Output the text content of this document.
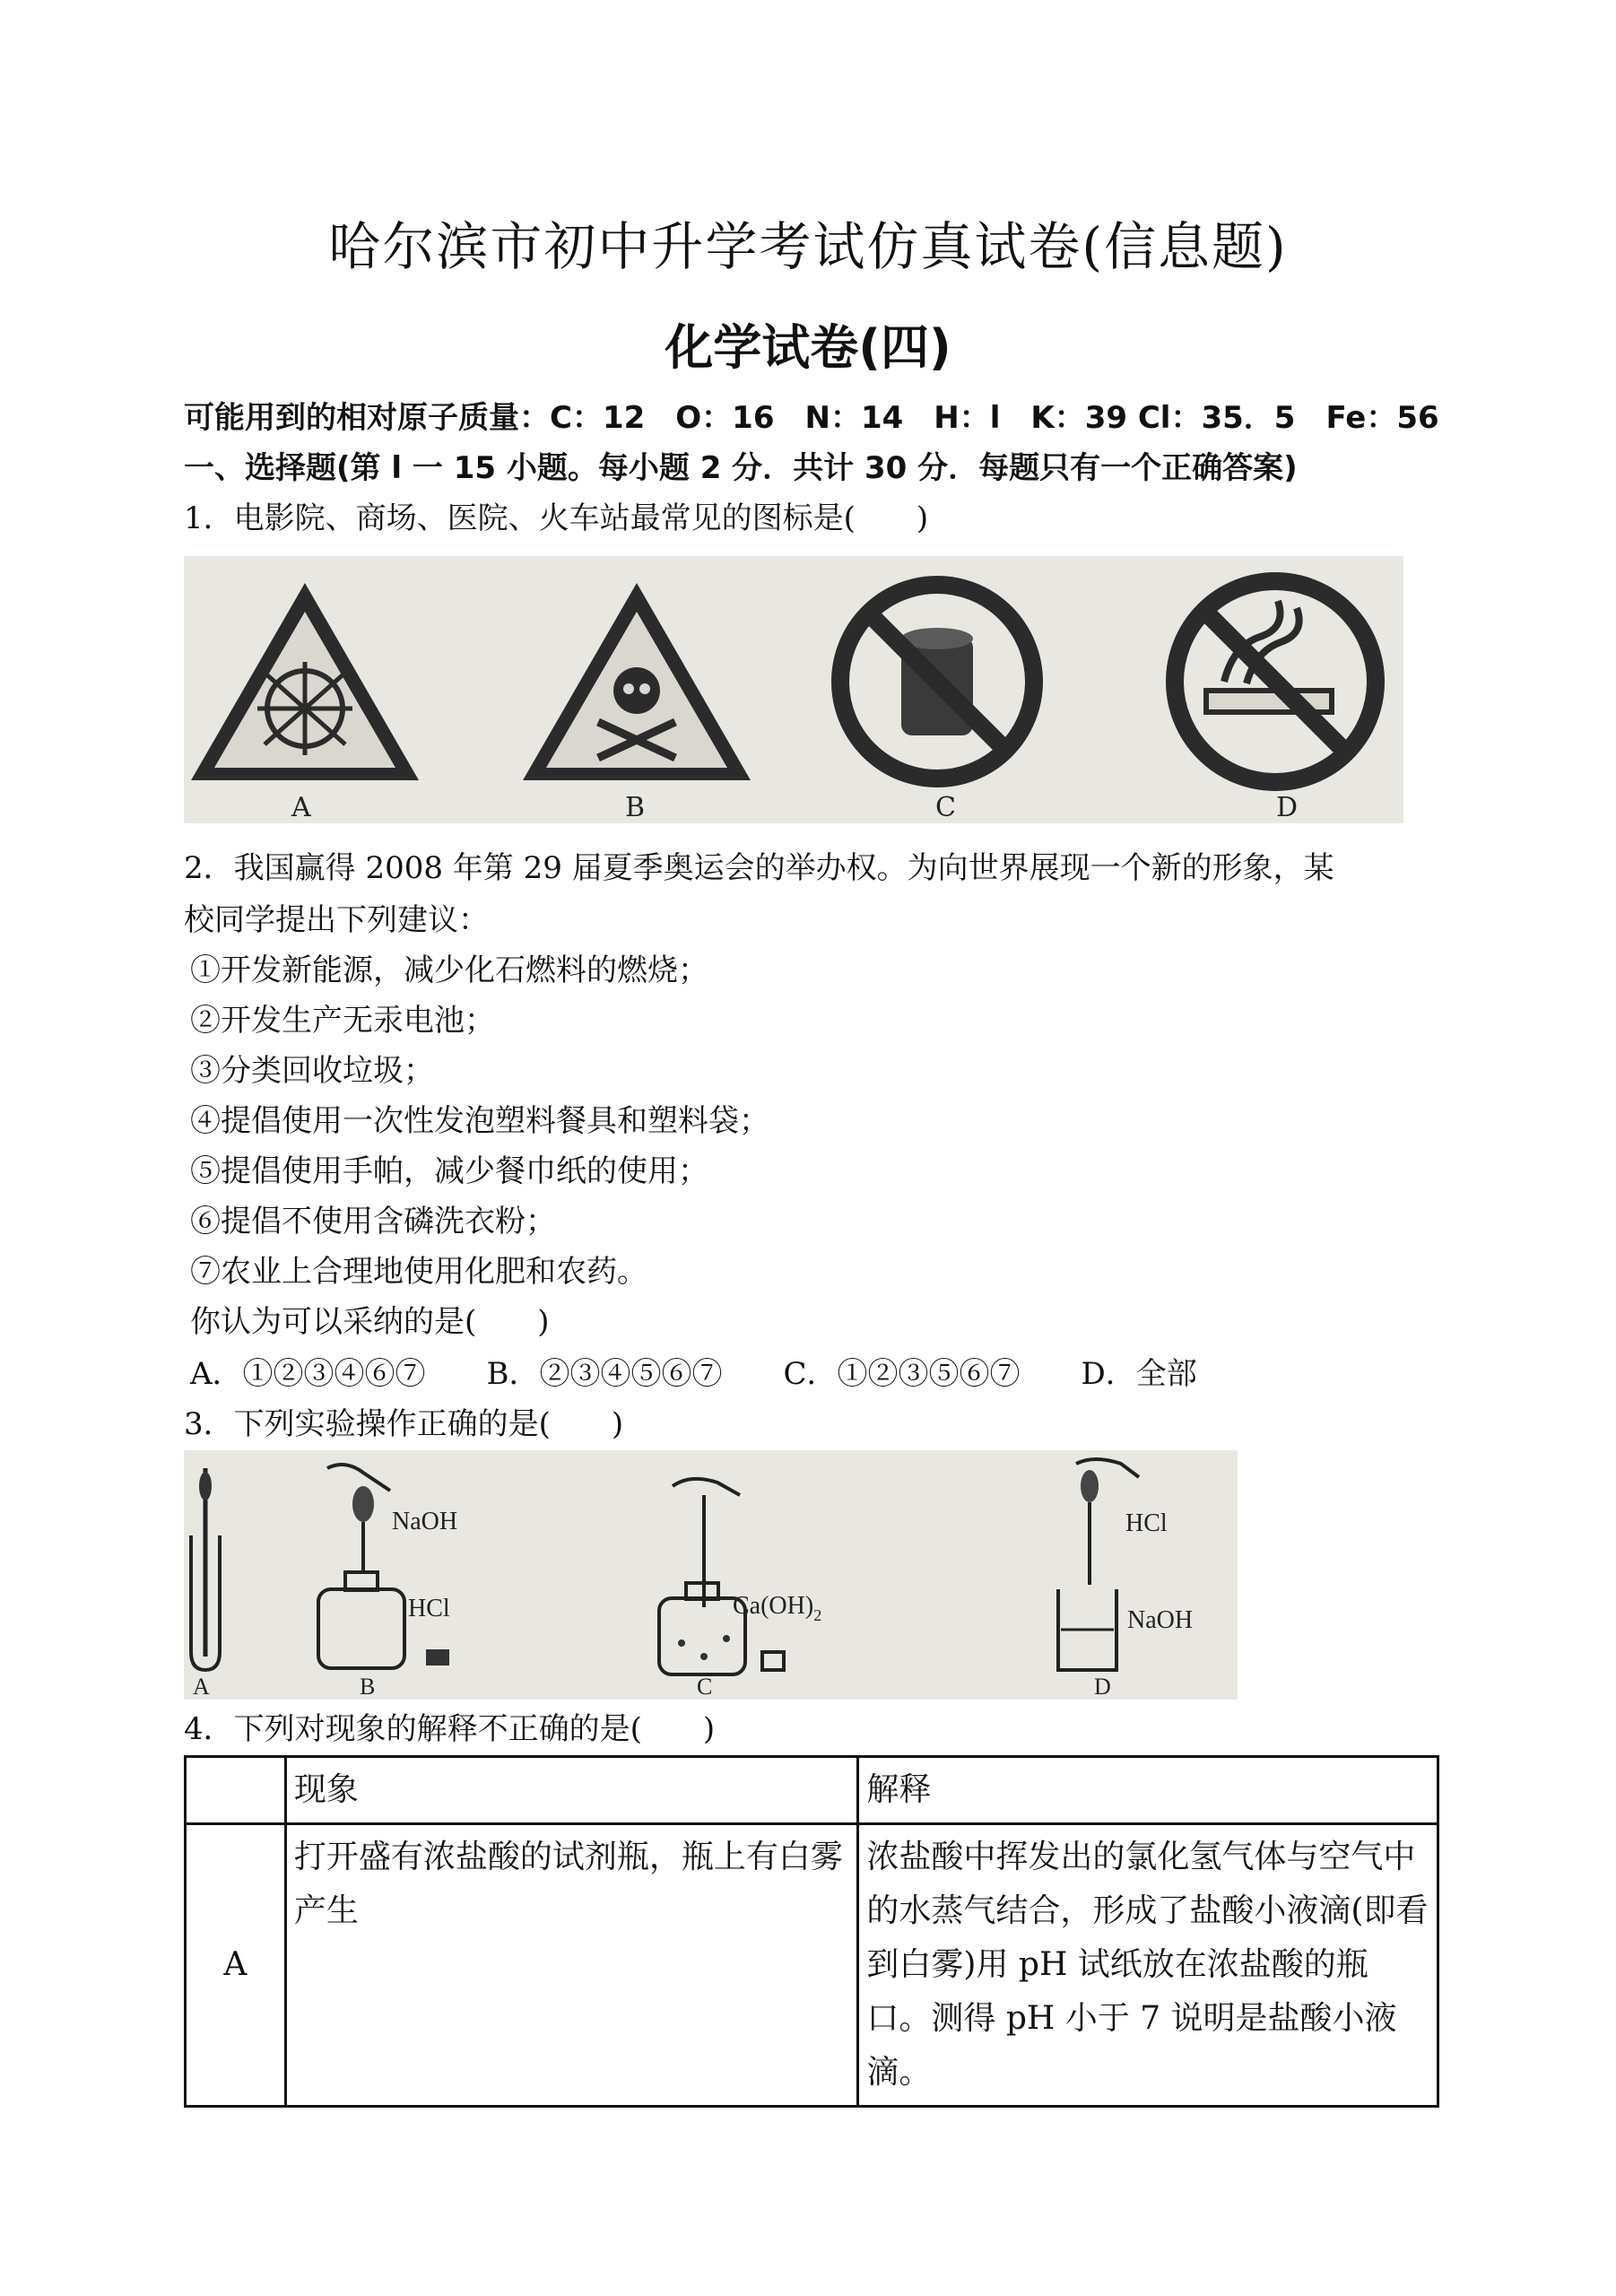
哈尔滨市初中升学考试仿真试卷(信息题)
化学试卷(四)
可能用到的相对原子质量：C：12　O：16　N：14　H：l　K：39 Cl：35．5　Fe：56
一、选择题(第 l 一 15 小题。每小题 2 分．共计 30 分．每题只有一个正确答案)
1．电影院、商场、医院、火车站最常见的图标是(　　)
A	B	C	D
2．我国赢得 2008 年第 29 届夏季奥运会的举办权。为向世界展现一个新的形象，某
校同学提出下列建议：
①开发新能源，减少化石燃料的燃烧；
②开发生产无汞电池；
③分类回收垃圾；
④提倡使用一次性发泡塑料餐具和塑料袋；
⑤提倡使用手帕，减少餐巾纸的使用；
⑥提倡不使用含磷洗衣粉；
⑦农业上合理地使用化肥和农药。
你认为可以采纳的是(　　)
A．①②③④⑥⑦　　B．②③④⑤⑥⑦　　C．①②③⑤⑥⑦　　D．全部
3．下列实验操作正确的是(　　)
NaOH
HCl	$Ca(OH)_2$
HCl
NaOH
A	B	C	D
4．下列对现象的解释不正确的是(　　)
	现象	解释
A	打开盛有浓盐酸的试剂瓶，瓶上有白雾产生	浓盐酸中挥发出的氯化氢气体与空气中的水蒸气结合，形成了盐酸小液滴(即看到白雾)用 pH 试纸放在浓盐酸的瓶口。测得 pH 小于 7 说明是盐酸小液滴。
